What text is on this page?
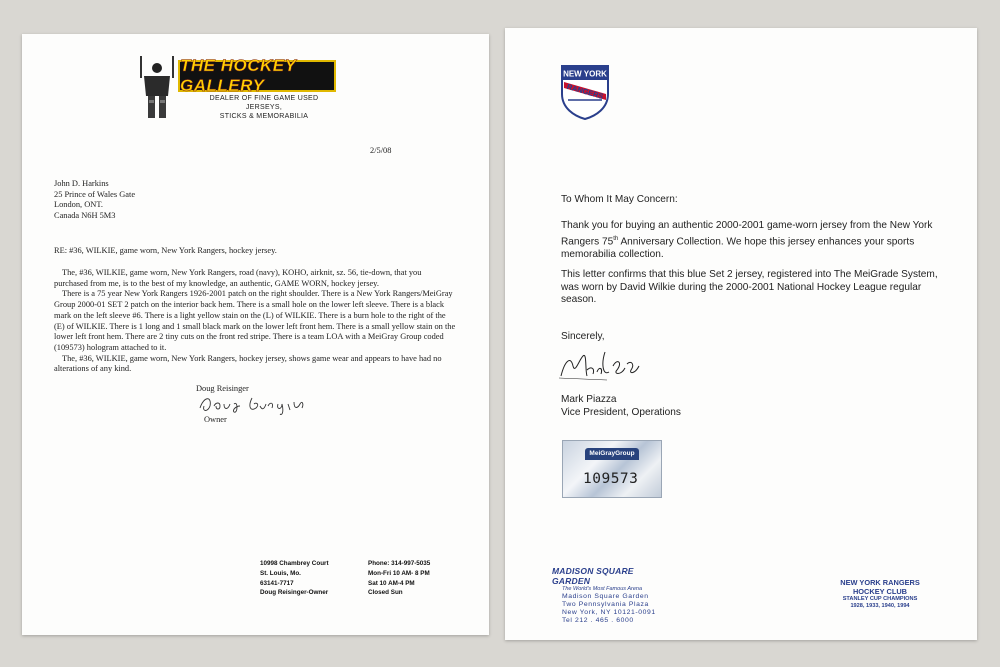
THE HOCKEY GALLERY
DEALER OF FINE GAME USED JERSEYS,
STICKS & MEMORABILIA
2/5/08
John D. Harkins
25 Prince of Wales Gate
London, ONT.
Canada N6H 5M3
RE: #36, WILKIE, game worn, New York Rangers, hockey jersey.

The, #36, WILKIE, game worn, New York Rangers, road (navy), KOHO, airknit, sz. 56, tie-down, that you purchased from me, is to the best of my knowledge, an authentic, GAME WORN, hockey jersey.

There is a 75 year New York Rangers 1926-2001 patch on the right shoulder. There is a New York Rangers/MeiGray Group 2000-01 SET 2 patch on the interior back hem. There is a small hole on the lower left sleeve. There is a black mark on the left sleeve #6. There is a light yellow stain on the (L) of WILKIE. There is a burn hole to the right of the (E) of WILKIE. There is 1 long and 1 small black mark on the lower left front hem. There is a small yellow stain on the lower left front hem. There are 2 tiny cuts on the front red stripe. There is a team LOA with a MeiGray Group coded (109573) hologram attached to it.

The, #36, WILKIE, game worn, New York Rangers, hockey jersey, shows game wear and appears to have had no alterations of any kind.

Doug Reisinger
Owner
10998 Chambrey Court
St. Louis, Mo.
63141-7717
Doug Reisinger-Owner
Phone: 314-997-5035
Mon-Fri 10 AM- 8 PM
Sat 10 AM-4 PM
Closed Sun
NEW YORK
RANGERS
To Whom It May Concern:
Thank you for buying an authentic 2000-2001 game-worn jersey from the New York Rangers 75th Anniversary Collection. We hope this jersey enhances your sports memorabilia collection.
This letter confirms that this blue Set 2 jersey, registered into The MeiGrade System, was worn by David Wilkie during the 2000-2001 National Hockey League regular season.
Sincerely,
Mark Piazza
Vice President, Operations
MeiGrayGroup
109573
MADISON SQUARE GARDEN
The World's Most Famous Arena
Madison Square Garden
Two Pennsylvania Plaza
New York, NY 10121-0091
Tel 212 . 465 . 6000
NEW YORK RANGERS
HOCKEY CLUB
STANLEY CUP CHAMPIONS
1928, 1933, 1940, 1994
